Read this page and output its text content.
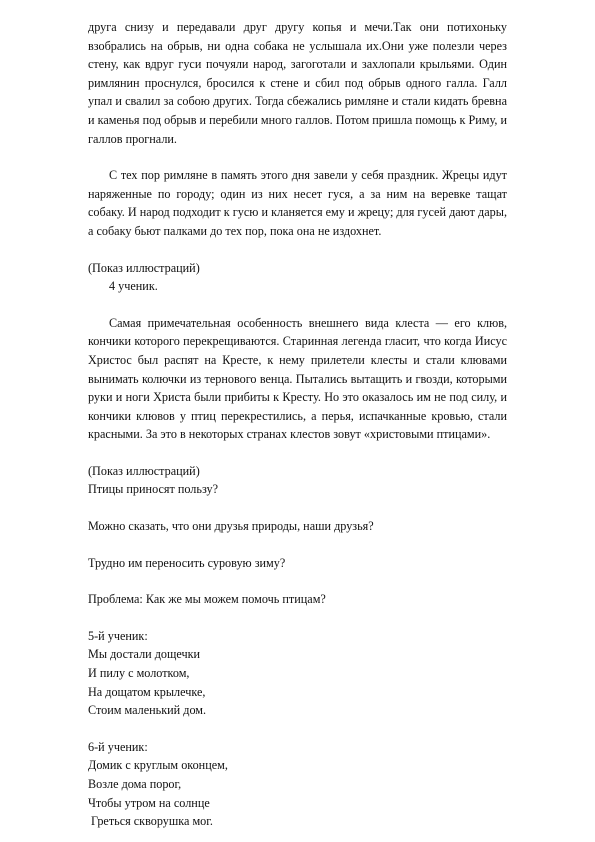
друга снизу и передавали друг другу копья и мечи.Так они потихоньку взобрались на обрыв, ни одна собака не услышала их.Они уже полезли через стену, как вдруг гуси почуяли народ, загоготали и захлопали крыльями. Один римлянин проснулся, бросился к стене и сбил под обрыв одного галла. Галл упал и свалил за собою других. Тогда сбежались римляне и стали кидать бревна и каменья под обрыв и перебили много галлов. Потом пришла помощь к Риму, и галлов прогнали.

С тех пор римляне в память этого дня завели у себя праздник. Жрецы идут наряженные по городу; один из них несет гуся, а за ним на веревке тащат собаку. И народ подходит к гусю и кланяется ему и жрецу; для гусей дают дары, а собаку бьют палками до тех пор, пока она не издохнет.

(Показ иллюстраций)

4 ученик.

Самая примечательная особенность внешнего вида клеста — его клюв, кончики которого перекрещиваются. Старинная легенда гласит, что когда Иисус Христос был распят на Кресте, к нему прилетели клесты и стали клювами вынимать колючки из тернового венца. Пытались вытащить и гвозди, которыми руки и ноги Христа были прибиты к Кресту. Но это оказалось им не под силу, и кончики клювов у птиц перекрестились, а перья, испачканные кровью, стали красными. За это в некоторых странах клестов зовут «христовыми птицами».

(Показ иллюстраций)

Птицы приносят пользу?

Можно сказать, что они друзья природы, наши друзья?

Трудно им переносить суровую зиму?

Проблема: Как же мы можем помочь птицам?

5-й ученик:

Мы достали дощечки

И пилу с молотком,

На дощатом крылечке,

Стоим маленький дом.

6-й ученик:

Домик с круглым оконцем,

Возле дома порог,

Чтобы утром на солнце

Греться скворушка мог.
